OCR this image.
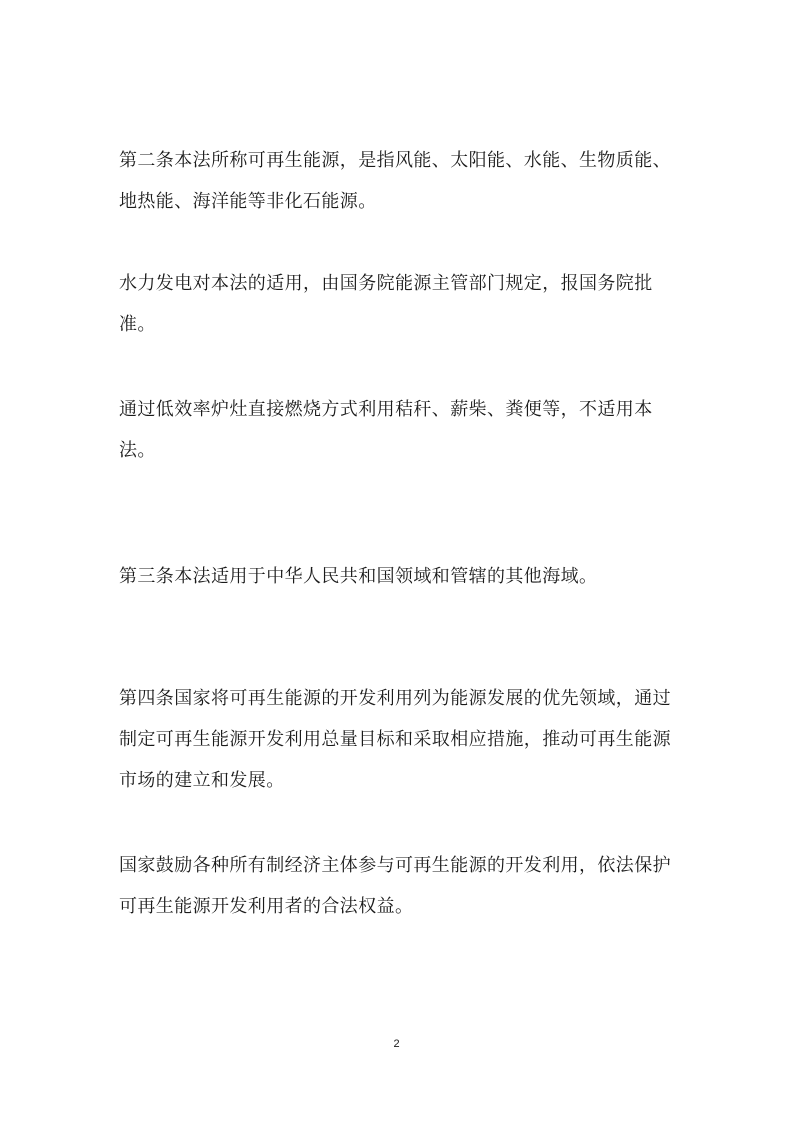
第二条本法所称可再生能源，是指风能、太阳能、水能、生物质能、
地热能、海洋能等非化石能源。

水力发电对本法的适用，由国务院能源主管部门规定，报国务院批
准。

通过低效率炉灶直接燃烧方式利用秸秆、薪柴、粪便等，不适用本
法。

第三条本法适用于中华人民共和国领域和管辖的其他海域。

第四条国家将可再生能源的开发利用列为能源发展的优先领域，通过
制定可再生能源开发利用总量目标和采取相应措施，推动可再生能源
市场的建立和发展。

国家鼓励各种所有制经济主体参与可再生能源的开发利用，依法保护
可再生能源开发利用者的合法权益。

2
